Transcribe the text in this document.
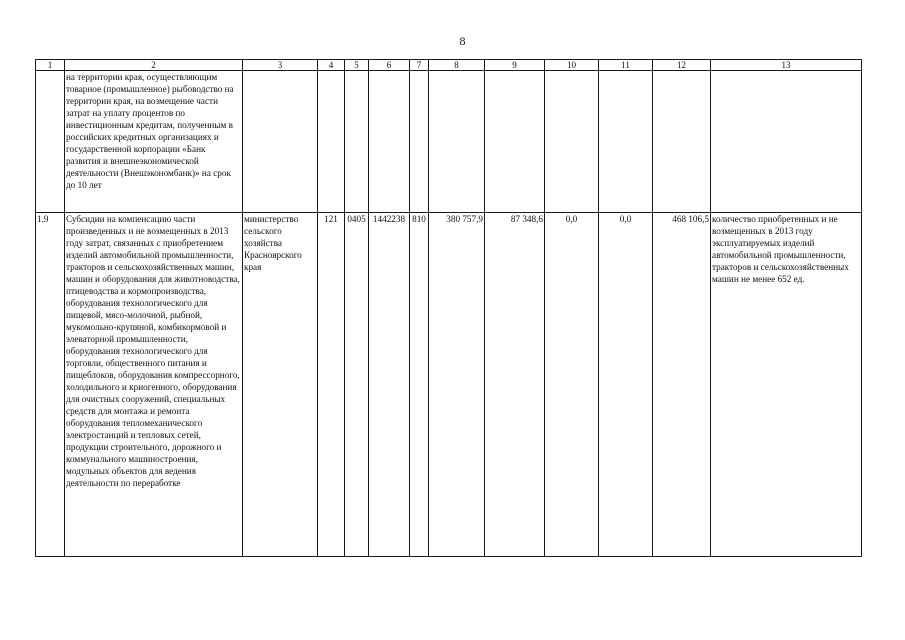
8
1	2	3	4	5	6	7	8	9	10	11	12	13
	на территории края, осуществляющим товарное (промышленное) рыбоводство на территории края, на возмещение части затрат на уплату процентов по инвестиционным кредитам, полученным в российских кредитных организациях и государственной корпорации «Банк развития и внешнеэкономической деятельности (Внешэкономбанк)» на срок до 10 лет											
1.9	Субсидии на компенсацию части произведенных и не возмещенных в 2013 году затрат, связанных с приобретением изделий автомобильной промышленности, тракторов и сельскохозяйственных машин, машин и оборудования для животноводства, птицеводства и кормопроизводства, оборудования технологического для пищевой, мясо-молочной, рыбной, мукомольно-крупяной, комбикормовой и элеваторной промышленности, оборудования технологического для торговли, общественного питания и пищеблоков, оборудования компрессорного, холодильного и криогенного, оборудования для очистных сооружений, специальных средств для монтажа и ремонта оборудования тепломеханического электростанций и тепловых сетей, продукции строительного, дорожного и коммунального машиностроения, модульных объектов для ведения деятельности по переработке	министерство сельского хозяйства Красноярского края	121	0405	1442238	810	380 757,9	87 348,6	0,0	0,0	468 106,5	количество приобретенных и не возмещенных в 2013 году эксплуатируемых изделий автомобильной промышленности, тракторов и сельскохозяйственных машин не менее 652 ед.
